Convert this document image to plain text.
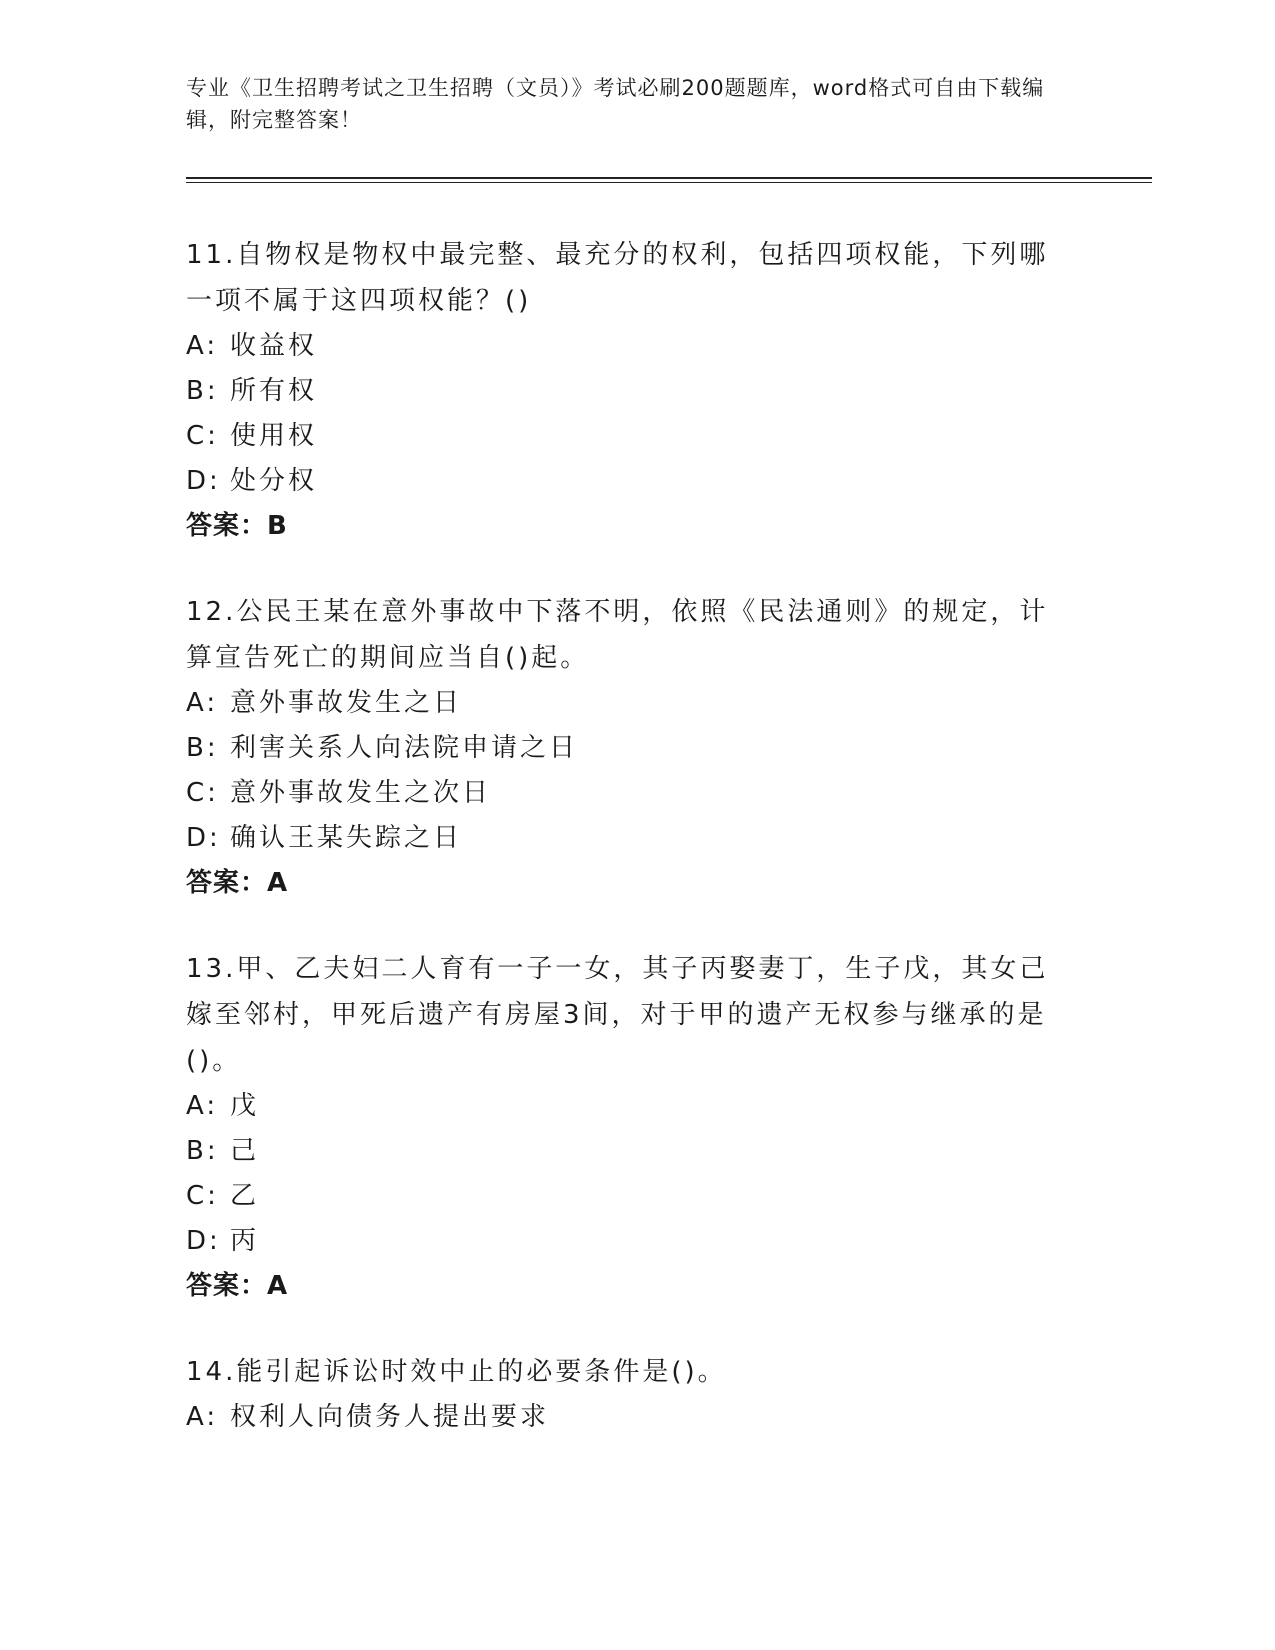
专业《卫生招聘考试之卫生招聘（文员）》考试必刷200题题库，word格式可自由下载编辑，附完整答案！

11.自物权是物权中最完整、最充分的权利，包括四项权能，下列哪一项不属于这四项权能？()

A: 收益权

B: 所有权

C: 使用权

D: 处分权

答案：B

12.公民王某在意外事故中下落不明，依照《民法通则》的规定，计算宣告死亡的期间应当自()起。

A: 意外事故发生之日

B: 利害关系人向法院申请之日

C: 意外事故发生之次日

D: 确认王某失踪之日

答案：A

13.甲、乙夫妇二人育有一子一女，其子丙娶妻丁，生子戊，其女己嫁至邻村，甲死后遗产有房屋3间，对于甲的遗产无权参与继承的是()。

A: 戊

B: 己

C: 乙

D: 丙

答案：A

14.能引起诉讼时效中止的必要条件是()。

A: 权利人向债务人提出要求
